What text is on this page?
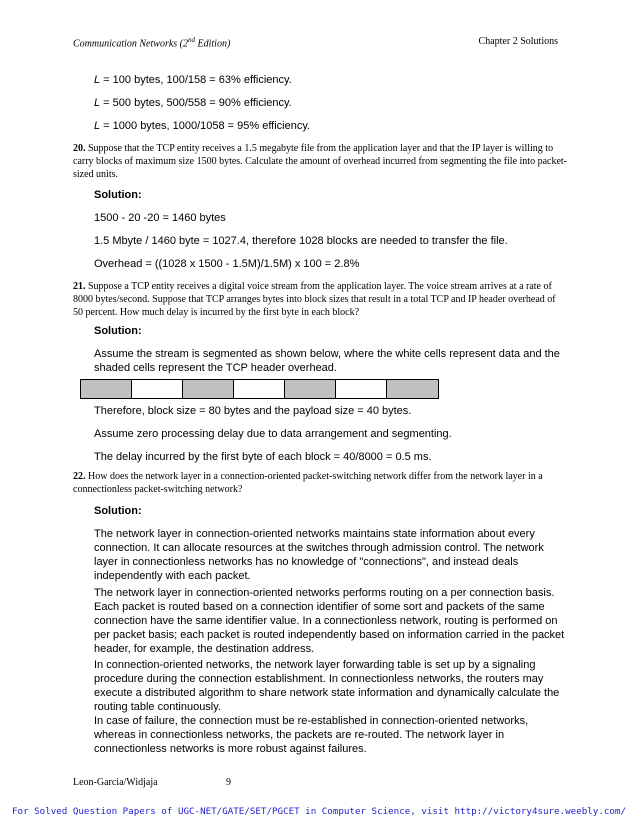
Communication Networks (2nd Edition)	Chapter 2 Solutions
L = 100 bytes, 100/158 = 63% efficiency.
L = 500 bytes, 500/558 = 90% efficiency.
L = 1000 bytes, 1000/1058 = 95% efficiency.
20. Suppose that the TCP entity receives a 1.5 megabyte file from the application layer and that the IP layer is willing to carry blocks of maximum size 1500 bytes. Calculate the amount of overhead incurred from segmenting the file into packet-sized units.
Solution:
1500 - 20 -20 = 1460 bytes
1.5 Mbyte / 1460 byte = 1027.4, therefore 1028 blocks are needed to transfer the file.
Overhead = ((1028 x 1500 - 1.5M)/1.5M) x 100 = 2.8%
21. Suppose a TCP entity receives a digital voice stream from the application layer. The voice stream arrives at a rate of 8000 bytes/second. Suppose that TCP arranges bytes into block sizes that result in a total TCP and IP header overhead of 50 percent. How much delay is incurred by the first byte in each block?
Solution:
Assume the stream is segmented as shown below, where the white cells represent data and the shaded cells represent the TCP header overhead.
Therefore, block size = 80 bytes and the payload size = 40 bytes.
Assume zero processing delay due to data arrangement and segmenting.
The delay incurred by the first byte of each block = 40/8000 = 0.5 ms.
22. How does the network layer in a connection-oriented packet-switching network differ from the network layer in a connectionless packet-switching network?
Solution:
The network layer in connection-oriented networks maintains state information about every connection. It can allocate resources at the switches through admission control. The network layer in connectionless networks has no knowledge of "connections", and instead deals independently with each packet.
The network layer in connection-oriented networks performs routing on a per connection basis. Each packet is routed based on a connection identifier of some sort and packets of the same connection have the same identifier value. In a connectionless network, routing is performed on per packet basis; each packet is routed independently based on information carried in the packet header, for example, the destination address.
In connection-oriented networks, the network layer forwarding table is set up by a signaling procedure during the connection establishment. In connectionless networks, the routers may execute a distributed algorithm to share network state information and dynamically calculate the routing table continuously.
In case of failure, the connection must be re-established in connection-oriented networks, whereas in connectionless networks, the packets are re-routed. The network layer in connectionless networks is more robust against failures.
Leon-Garcia/Widjaja	9
For Solved Question Papers of UGC-NET/GATE/SET/PGCET in Computer Science, visit http://victory4sure.weebly.com/
